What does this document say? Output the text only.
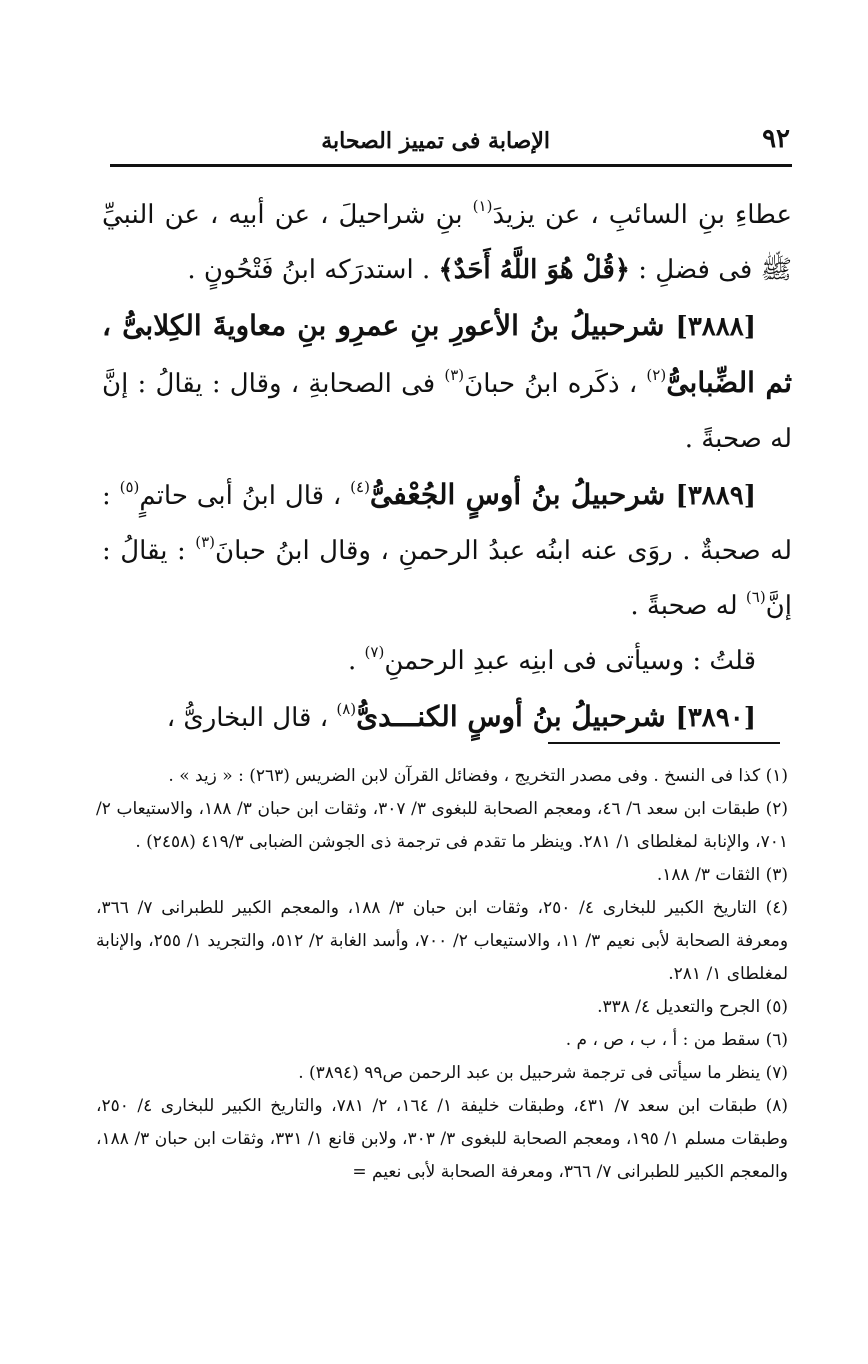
٩٢
الإصابة فى تمييز الصحابة

عطاءِ بنِ السائبِ ، عن يزيدَ$^{(١)}$ بنِ شراحيلَ ، عن أبيه ، عن النبيِّ ﷺ فى فضلِ : ﴿قُلْ هُوَ اللَّهُ أَحَدٌ﴾ . استدرَكه ابنُ فَتْحُونٍ .

[٣٨٨٨] شرحبيلُ بنُ الأعورِ بنِ عمرِو بنِ معاويةَ الكِلابىُّ ، ثم الضِّبابىُّ$^{(٢)}$ ، ذكَره ابنُ حبانَ$^{(٣)}$ فى الصحابةِ ، وقال : يقالُ : إنَّ له صحبةً .

[٣٨٨٩] شرحبيلُ بنُ أوسٍ الجُعْفىُّ$^{(٤)}$ ، قال ابنُ أبى حاتمٍ$^{(٥)}$ : له صحبةٌ . روَى عنه ابنُه عبدُ الرحمنِ ، وقال ابنُ حبانَ$^{(٣)}$ : يقالُ : إنَّ$^{(٦)}$ له صحبةً .

قلتُ : وسيأتى فى ابنِه عبدِ الرحمنِ$^{(٧)}$ .

[٣٨٩٠] شرحبيلُ بنُ أوسٍ الكنـــدىُّ$^{(٨)}$ ، قال البخارىُّ ،

(١) كذا فى النسخ . وفى مصدر التخريج ، وفضائل القرآن لابن الضريس (٢٦٣) : « زيد » .

(٢) طبقات ابن سعد ٦/ ٤٦، ومعجم الصحابة للبغوى ٣/ ٣٠٧، وثقات ابن حبان ٣/ ١٨٨، والاستيعاب ٢/ ٧٠١، والإنابة لمغلطاى ١/ ٢٨١. وينظر ما تقدم فى ترجمة ذى الجوشن الضبابى ٤١٩/٣ (٢٤٥٨) .

(٣) الثقات ٣/ ١٨٨.

(٤) التاريخ الكبير للبخارى ٤/ ٢٥٠، وثقات ابن حبان ٣/ ١٨٨، والمعجم الكبير للطبرانى ٧/ ٣٦٦، ومعرفة الصحابة لأبى نعيم ٣/ ١١، والاستيعاب ٢/ ٧٠٠، وأسد الغابة ٢/ ٥١٢، والتجريد ١/ ٢٥٥، والإنابة لمغلطاى ١/ ٢٨١.

(٥) الجرح والتعديل ٤/ ٣٣٨.

(٦) سقط من : أ ، ب ، ص ، م .

(٧) ينظر ما سيأتى فى ترجمة شرحبيل بن عبد الرحمن ص٩٩ (٣٨٩٤) .

(٨) طبقات ابن سعد ٧/ ٤٣١، وطبقات خليفة ١/ ١٦٤، ٢/ ٧٨١، والتاريخ الكبير للبخارى ٤/ ٢٥٠، وطبقات مسلم ١/ ١٩٥، ومعجم الصحابة للبغوى ٣/ ٣٠٣، ولابن قانع ١/ ٣٣١، وثقات ابن حبان ٣/ ١٨٨، والمعجم الكبير للطبرانى ٧/ ٣٦٦، ومعرفة الصحابة لأبى نعيم =
